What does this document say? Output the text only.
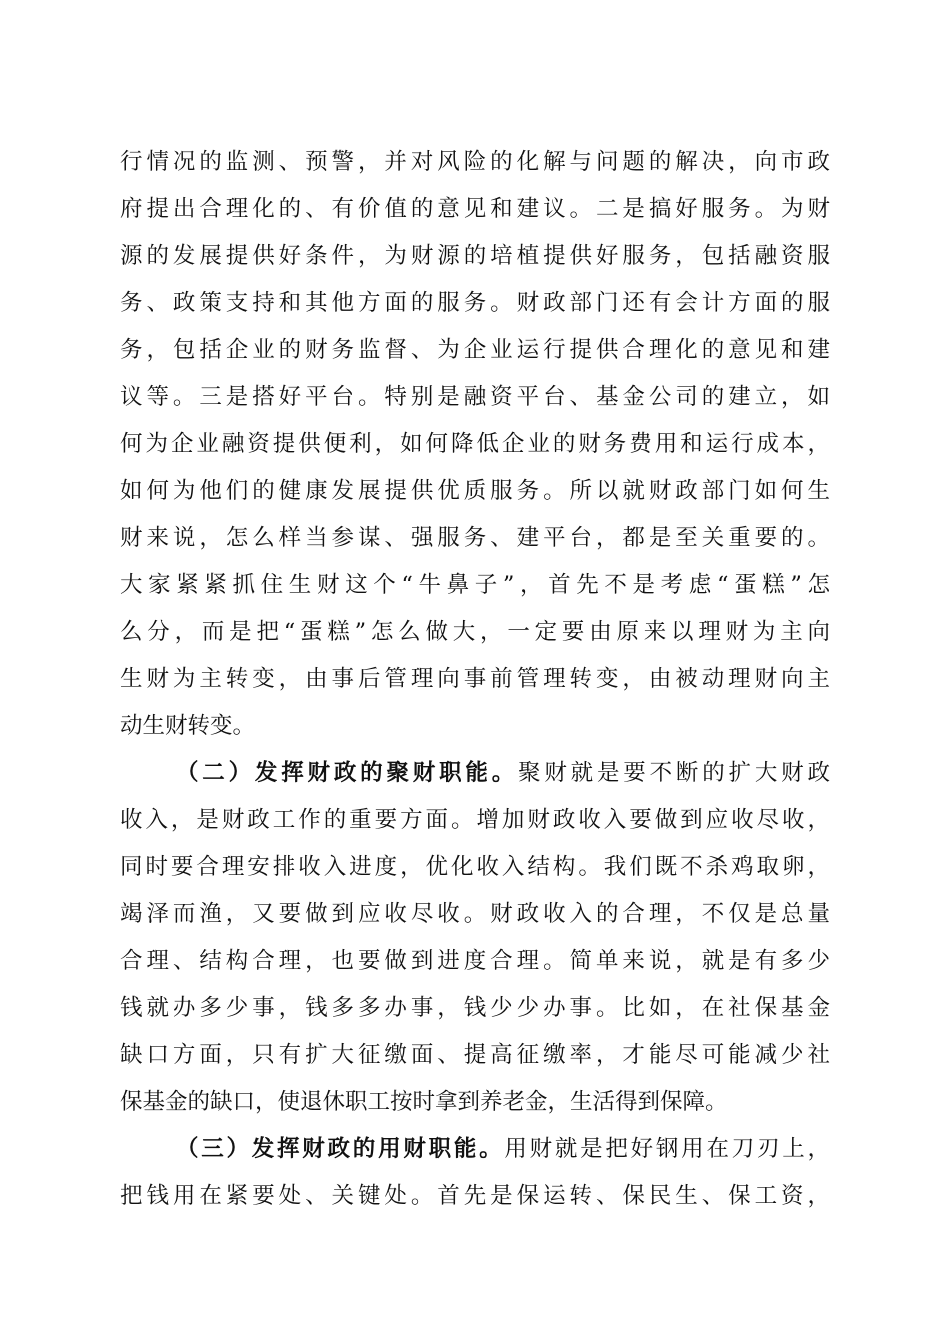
行情况的监测、预警，并对风险的化解与问题的解决，向市政
府提出合理化的、有价值的意见和建议。二是搞好服务。为财
源的发展提供好条件，为财源的培植提供好服务，包括融资服
务、政策支持和其他方面的服务。财政部门还有会计方面的服
务，包括企业的财务监督、为企业运行提供合理化的意见和建
议等。三是搭好平台。特别是融资平台、基金公司的建立，如
何为企业融资提供便利，如何降低企业的财务费用和运行成本，
如何为他们的健康发展提供优质服务。所以就财政部门如何生
财来说，怎么样当参谋、强服务、建平台，都是至关重要的。
大家紧紧抓住生财这个“牛鼻子”，首先不是考虑“蛋糕”怎
么分，而是把“蛋糕”怎么做大，一定要由原来以理财为主向
生财为主转变，由事后管理向事前管理转变，由被动理财向主
动生财转变。
（二）发挥财政的聚财职能。聚财就是要不断的扩大财政
收入，是财政工作的重要方面。增加财政收入要做到应收尽收，
同时要合理安排收入进度，优化收入结构。我们既不杀鸡取卵，
竭泽而渔，又要做到应收尽收。财政收入的合理，不仅是总量
合理、结构合理，也要做到进度合理。简单来说，就是有多少
钱就办多少事，钱多多办事，钱少少办事。比如，在社保基金
缺口方面，只有扩大征缴面、提高征缴率，才能尽可能减少社
保基金的缺口，使退休职工按时拿到养老金，生活得到保障。
（三）发挥财政的用财职能。用财就是把好钢用在刀刃上，
把钱用在紧要处、关键处。首先是保运转、保民生、保工资，
